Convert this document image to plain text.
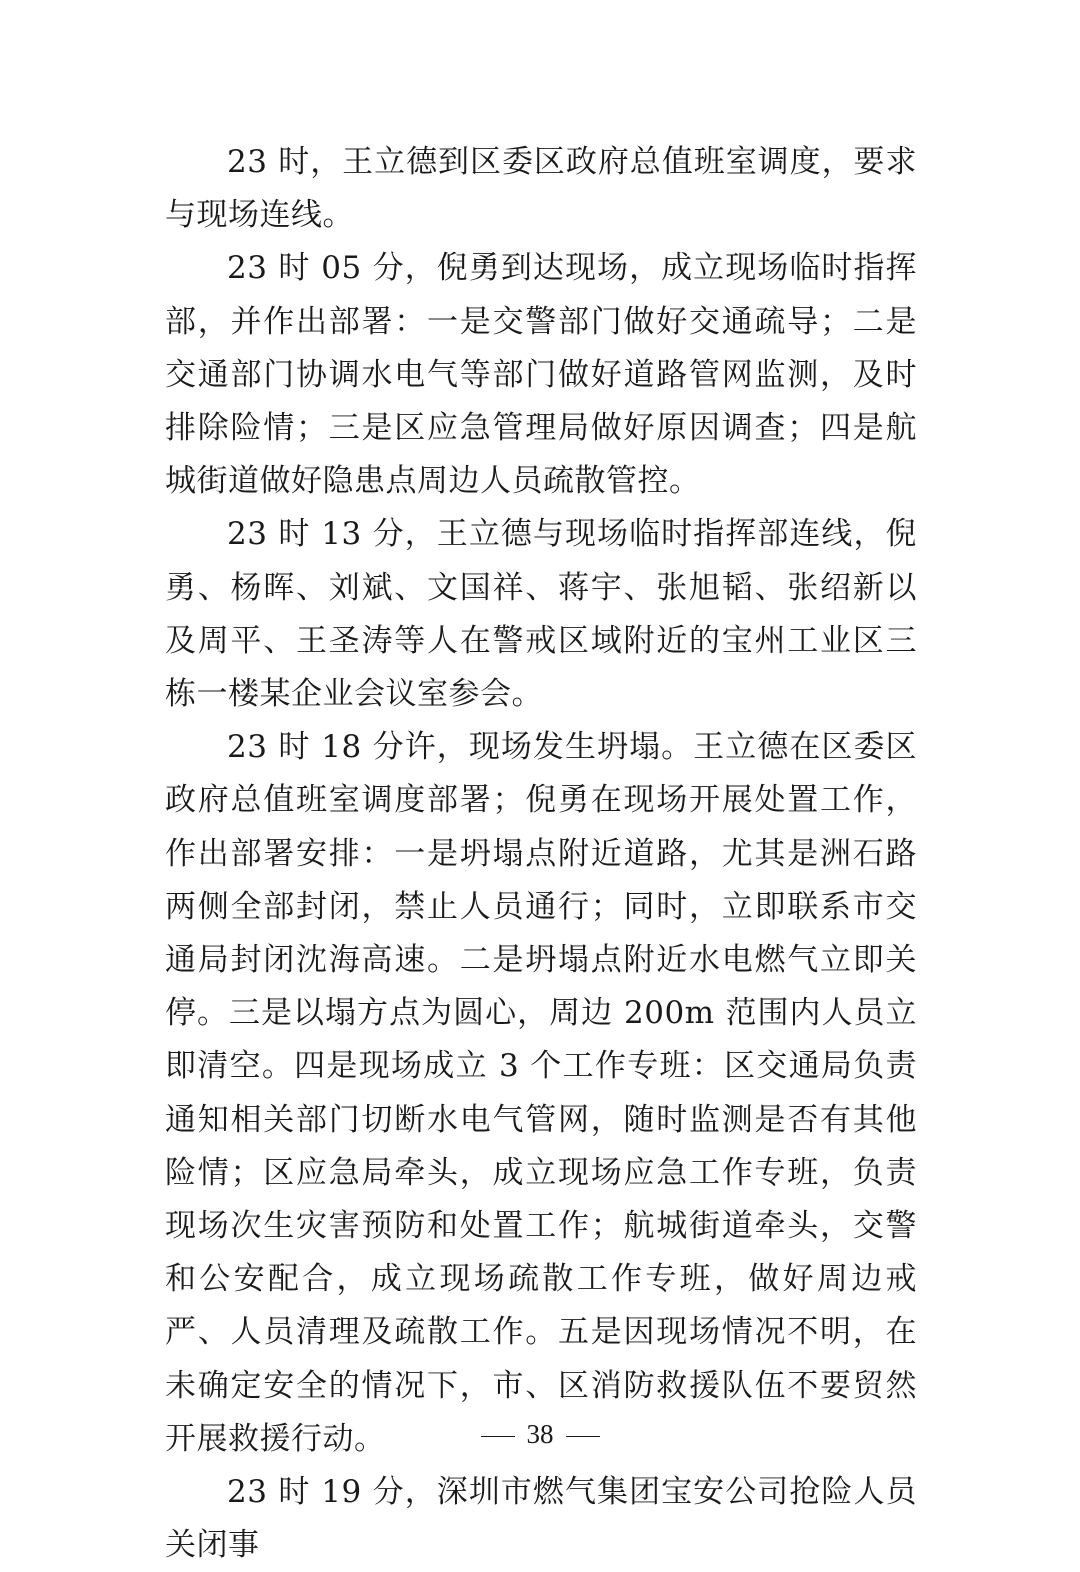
23 时，王立德到区委区政府总值班室调度，要求与现场连线。

23 时 05 分，倪勇到达现场，成立现场临时指挥部，并作出部署：一是交警部门做好交通疏导；二是交通部门协调水电气等部门做好道路管网监测，及时排除险情；三是区应急管理局做好原因调查；四是航城街道做好隐患点周边人员疏散管控。

23 时 13 分，王立德与现场临时指挥部连线，倪勇、杨晖、刘斌、文国祥、蒋宇、张旭韬、张绍新以及周平、王圣涛等人在警戒区域附近的宝州工业区三栋一楼某企业会议室参会。

23 时 18 分许，现场发生坍塌。王立德在区委区政府总值班室调度部署；倪勇在现场开展处置工作，作出部署安排：一是坍塌点附近道路，尤其是洲石路两侧全部封闭，禁止人员通行；同时，立即联系市交通局封闭沈海高速。二是坍塌点附近水电燃气立即关停。三是以塌方点为圆心，周边 200m 范围内人员立即清空。四是现场成立 3 个工作专班：区交通局负责通知相关部门切断水电气管网，随时监测是否有其他险情；区应急局牵头，成立现场应急工作专班，负责现场次生灾害预防和处置工作；航城街道牵头，交警和公安配合，成立现场疏散工作专班，做好周边戒严、人员清理及疏散工作。五是因现场情况不明，在未确定安全的情况下，市、区消防救援队伍不要贸然开展救援行动。

23 时 19 分，深圳市燃气集团宝安公司抢险人员关闭事

38
